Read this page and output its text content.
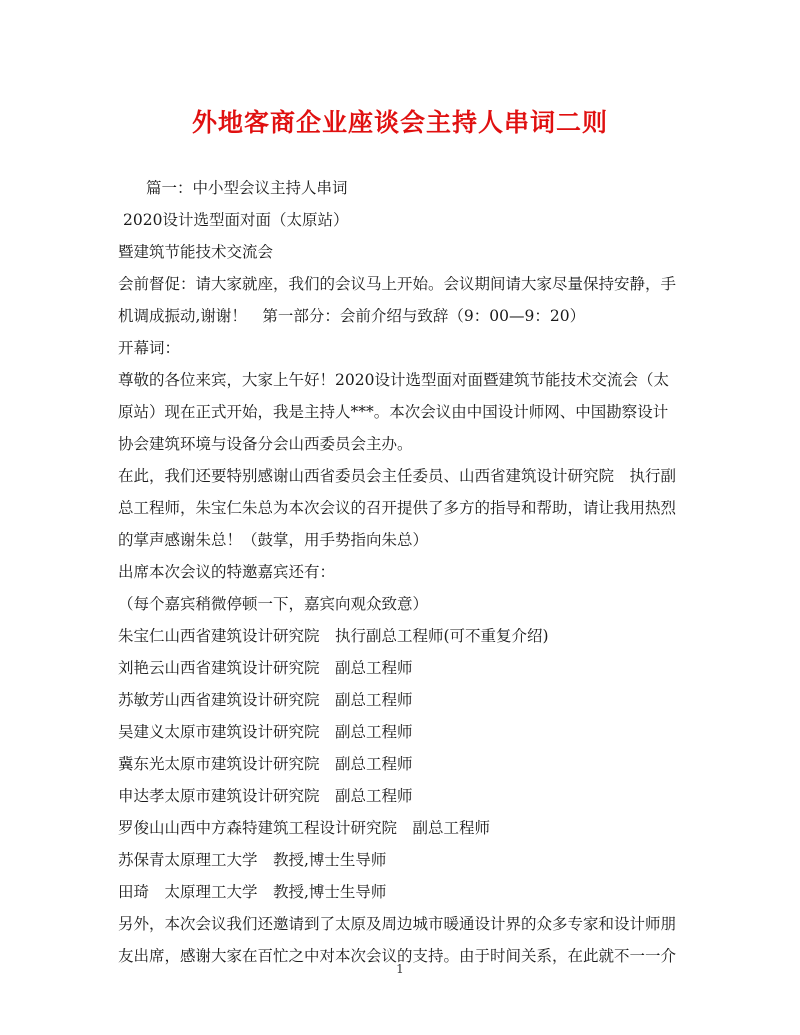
外地客商企业座谈会主持人串词二则
篇一：中小型会议主持人串词
2020设计选型面对面（太原站）
暨建筑节能技术交流会
会前督促：请大家就座，我们的会议马上开始。会议期间请大家尽量保持安静，手
机调成振动,谢谢！　第一部分：会前介绍与致辞（9：00—9：20）
开幕词：
尊敬的各位来宾，大家上午好！2020设计选型面对面暨建筑节能技术交流会（太
原站）现在正式开始，我是主持人***。本次会议由中国设计师网、中国勘察设计
协会建筑环境与设备分会山西委员会主办。
在此，我们还要特别感谢山西省委员会主任委员、山西省建筑设计研究院　执行副
总工程师，朱宝仁朱总为本次会议的召开提供了多方的指导和帮助，请让我用热烈
的掌声感谢朱总！（鼓掌，用手势指向朱总）
出席本次会议的特邀嘉宾还有：
（每个嘉宾稍微停顿一下，嘉宾向观众致意）
朱宝仁山西省建筑设计研究院　执行副总工程师(可不重复介绍)
刘艳云山西省建筑设计研究院　副总工程师
苏敏芳山西省建筑设计研究院　副总工程师
吴建义太原市建筑设计研究院　副总工程师
冀东光太原市建筑设计研究院　副总工程师
申达孝太原市建筑设计研究院　副总工程师
罗俊山山西中方森特建筑工程设计研究院　副总工程师
苏保青太原理工大学　教授,博士生导师
田琦　太原理工大学　教授,博士生导师
另外，本次会议我们还邀请到了太原及周边城市暖通设计界的众多专家和设计师朋
友出席，感谢大家在百忙之中对本次会议的支持。由于时间关系，在此就不一一介
1
